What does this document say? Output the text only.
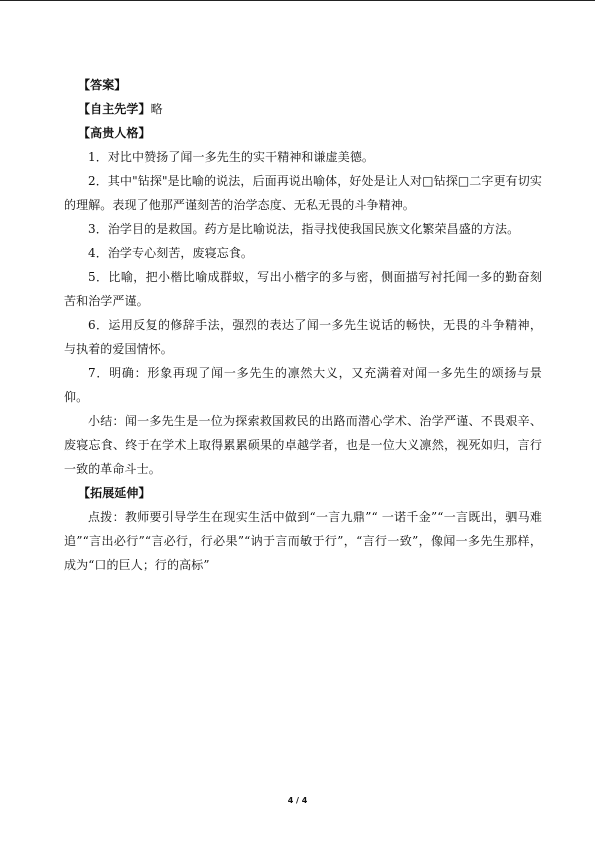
【答案】

【自主先学】略

【高贵人格】

1．对比中赞扬了闻一多先生的实干精神和谦虚美德。

2．其中"钻探"是比喻的说法，后面再说出喻体，好处是让人对□钻探□二字更有切实的理解。表现了他那严谨刻苦的治学态度、无私无畏的斗争精神。

3．治学目的是救国。药方是比喻说法，指寻找使我国民族文化繁荣昌盛的方法。

4．治学专心刻苦，废寝忘食。

5．比喻，把小楷比喻成群蚁，写出小楷字的多与密，侧面描写衬托闻一多的勤奋刻苦和治学严谨。

6．运用反复的修辞手法，强烈的表达了闻一多先生说话的畅快，无畏的斗争精神，与执着的爱国情怀。

7．明确：形象再现了闻一多先生的凛然大义，又充满着对闻一多先生的颂扬与景仰。

小结：闻一多先生是一位为探索救国救民的出路而潜心学术、治学严谨、不畏艰辛、废寝忘食、终于在学术上取得累累硕果的卓越学者，也是一位大义凛然，视死如归，言行一致的革命斗士。

【拓展延伸】

点拨：教师要引导学生在现实生活中做到“一言九鼎”“ 一诺千金”“一言既出，驷马难追”“言出必行”“言必行，行必果”“讷于言而敏于行”，“言行一致”，像闻一多先生那样，成为“口的巨人；行的高标”

4 / 4
